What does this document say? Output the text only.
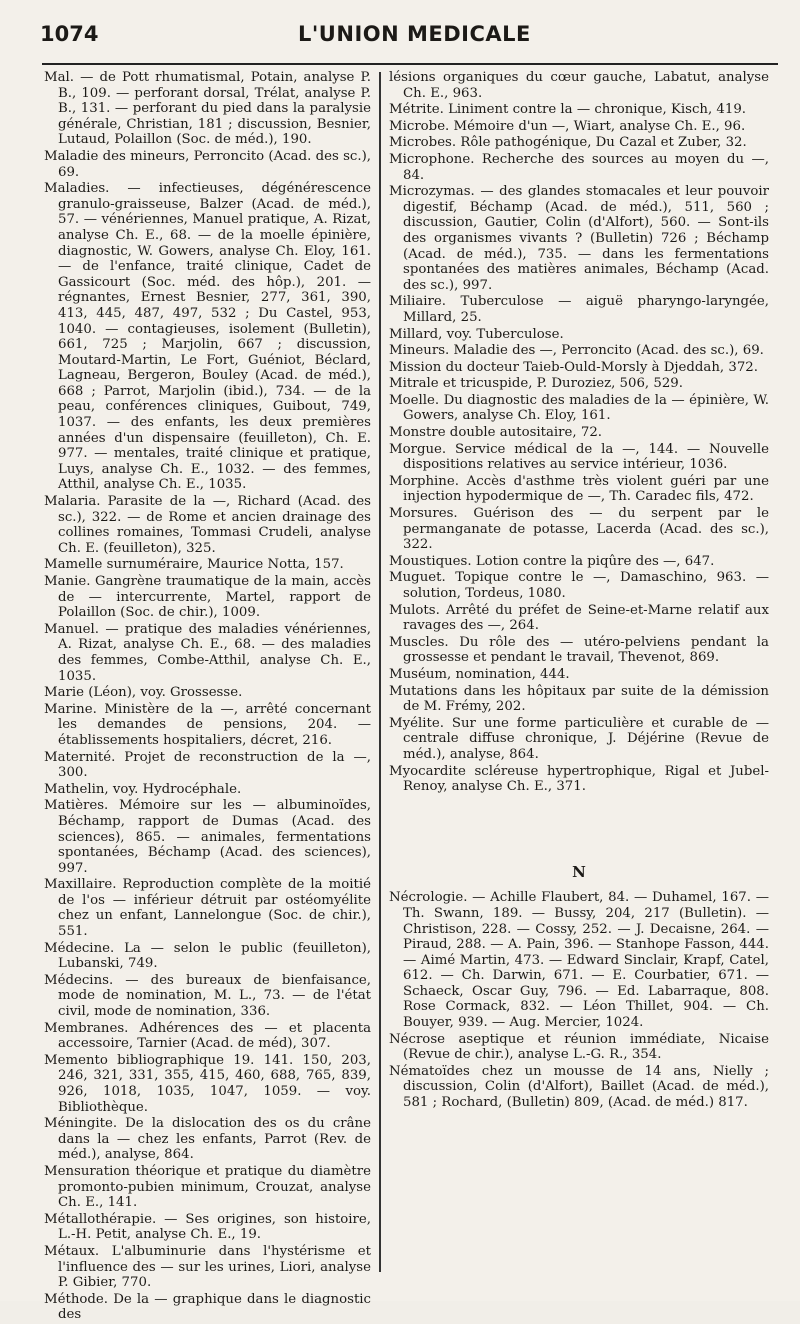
1074	L'UNION MEDICALE

Mal. — de Pott rhumatismal, Potain, analyse P. B., 109. — perforant dorsal, Trélat, analyse P. B., 131. — perforant du pied dans la paralysie générale, Christian, 181 ; discussion, Besnier, Lutaud, Polaillon (Soc. de méd.), 190.

Maladie des mineurs, Perroncito (Acad. des sc.), 69.

Maladies. — infectieuses, dégénérescence granulo-graisseuse, Balzer (Acad. de méd.), 57. — vénériennes, Manuel pratique, A. Rizat, analyse Ch. E., 68. — de la moelle épinière, diagnostic, W. Gowers, analyse Ch. Eloy, 161. — de l'enfance, traité clinique, Cadet de Gassicourt (Soc. méd. des hôp.), 201. — régnantes, Ernest Besnier, 277, 361, 390, 413, 445, 487, 497, 532 ; Du Castel, 953, 1040. — contagieuses, isolement (Bulletin), 661, 725 ; Marjolin, 667 ; discussion, Moutard-Martin, Le Fort, Guéniot, Béclard, Lagneau, Bergeron, Bouley (Acad. de méd.), 668 ; Parrot, Marjolin (ibid.), 734. — de la peau, conférences cliniques, Guibout, 749, 1037. — des enfants, les deux premières années d'un dispensaire (feuilleton), Ch. E. 977. — mentales, traité clinique et pratique, Luys, analyse Ch. E., 1032. — des femmes, Atthil, analyse Ch. E., 1035.

Malaria. Parasite de la —, Richard (Acad. des sc.), 322. — de Rome et ancien drainage des collines romaines, Tommasi Crudeli, analyse Ch. E. (feuilleton), 325.

Mamelle surnuméraire, Maurice Notta, 157.

Manie. Gangrène traumatique de la main, accès de — intercurrente, Martel, rapport de Polaillon (Soc. de chir.), 1009.

Manuel. — pratique des maladies vénériennes, A. Rizat, analyse Ch. E., 68. — des maladies des femmes, Combe-Atthil, analyse Ch. E., 1035.

Marie (Léon), voy. Grossesse.

Marine. Ministère de la —, arrêté concernant les demandes de pensions, 204. — établissements hospitaliers, décret, 216.

Maternité. Projet de reconstruction de la —, 300.

Mathelin, voy. Hydrocéphale.

Matières. Mémoire sur les — albuminoïdes, Béchamp, rapport de Dumas (Acad. des sciences), 865. — animales, fermentations spontanées, Béchamp (Acad. des sciences), 997.

Maxillaire. Reproduction complète de la moitié de l'os — inférieur détruit par ostéomyélite chez un enfant, Lannelongue (Soc. de chir.), 551.

Médecine. La — selon le public (feuilleton), Lubanski, 749.

Médecins. — des bureaux de bienfaisance, mode de nomination, M. L., 73. — de l'état civil, mode de nomination, 336.

Membranes. Adhérences des — et placenta accessoire, Tarnier (Acad. de méd), 307.

Memento bibliographique 19. 141. 150, 203, 246, 321, 331, 355, 415, 460, 688, 765, 839, 926, 1018, 1035, 1047, 1059. — voy. Bibliothèque.

Méningite. De la dislocation des os du crâne dans la — chez les enfants, Parrot (Rev. de méd.), analyse, 864.

Mensuration théorique et pratique du diamètre promonto-pubien minimum, Crouzat, analyse Ch. E., 141.

Métallothérapie. — Ses origines, son histoire, L.-H. Petit, analyse Ch. E., 19.

Métaux. L'albuminurie dans l'hystérisme et l'influence des — sur les urines, Liori, analyse P. Gibier, 770.

Méthode. De la — graphique dans le diagnostic des

lésions organiques du cœur gauche, Labatut, analyse Ch. E., 963.

Métrite. Liniment contre la — chronique, Kisch, 419.

Microbe. Mémoire d'un —, Wiart, analyse Ch. E., 96.

Microbes. Rôle pathogénique, Du Cazal et Zuber, 32.

Microphone. Recherche des sources au moyen du —, 84.

Microzymas. — des glandes stomacales et leur pouvoir digestif, Béchamp (Acad. de méd.), 511, 560 ; discussion, Gautier, Colin (d'Alfort), 560. — Sont-ils des organismes vivants ? (Bulletin) 726 ; Béchamp (Acad. de méd.), 735. — dans les fermentations spontanées des matières animales, Béchamp (Acad. des sc.), 997.

Miliaire. Tuberculose — aiguë pharyngo-laryngée, Millard, 25.

Millard, voy. Tuberculose.

Mineurs. Maladie des —, Perroncito (Acad. des sc.), 69.

Mission du docteur Taieb-Ould-Morsly à Djeddah, 372.

Mitrale et tricuspide, P. Duroziez, 506, 529.

Moelle. Du diagnostic des maladies de la — épinière, W. Gowers, analyse Ch. Eloy, 161.

Monstre double autositaire, 72.

Morgue. Service médical de la —, 144. — Nouvelle dispositions relatives au service intérieur, 1036.

Morphine. Accès d'asthme très violent guéri par une injection hypodermique de —, Th. Caradec fils, 472.

Morsures. Guérison des — du serpent par le permanganate de potasse, Lacerda (Acad. des sc.), 322.

Moustiques. Lotion contre la piqûre des —, 647.

Muguet. Topique contre le —, Damaschino, 963. — solution, Tordeus, 1080.

Mulots. Arrêté du préfet de Seine-et-Marne relatif aux ravages des —, 264.

Muscles. Du rôle des — utéro-pelviens pendant la grossesse et pendant le travail, Thevenot, 869.

Muséum, nomination, 444.

Mutations dans les hôpitaux par suite de la démission de M. Frémy, 202.

Myélite. Sur une forme particulière et curable de — centrale diffuse chronique, J. Déjérine (Revue de méd.), analyse, 864.

Myocardite scléreuse hypertrophique, Rigal et Jubel-Renoy, analyse Ch. E., 371.

N

Nécrologie. — Achille Flaubert, 84. — Duhamel, 167. — Th. Swann, 189. — Bussy, 204, 217 (Bulletin). — Christison, 228. — Cossy, 252. — J. Decaisne, 264. — Piraud, 288. — A. Pain, 396. — Stanhope Fasson, 444. — Aimé Martin, 473. — Edward Sinclair, Krapf, Catel, 612. — Ch. Darwin, 671. — E. Courbatier, 671. — Schaeck, Oscar Guy, 796. — Ed. Labarraque, 808. Rose Cormack, 832. — Léon Thillet, 904. — Ch. Bouyer, 939. — Aug. Mercier, 1024.

Nécrose aseptique et réunion immédiate, Nicaise (Revue de chir.), analyse L.-G. R., 354.

Nématoïdes chez un mousse de 14 ans, Nielly ; discussion, Colin (d'Alfort), Baillet (Acad. de méd.), 581 ; Rochard, (Bulletin) 809, (Acad. de méd.) 817.
